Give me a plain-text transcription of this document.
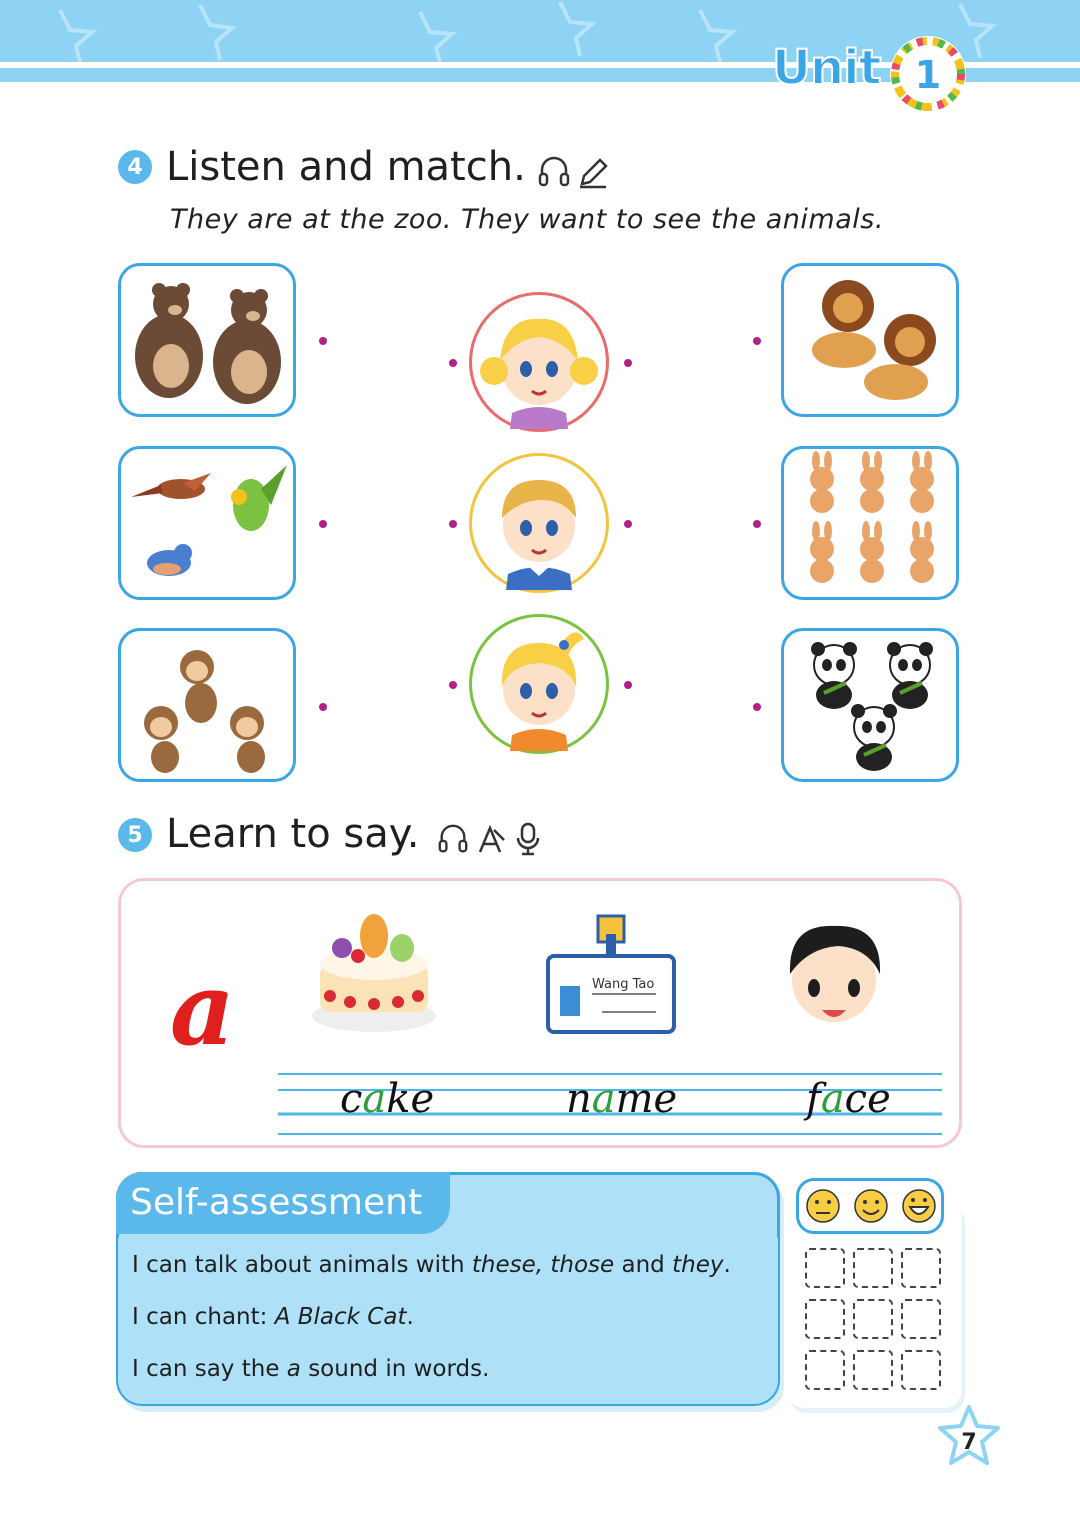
Unit 1
4 Listen and match.
They are at the zoo. They want to see the animals.
5 Learn to say.
a	Wang Tao
cake	name	face
Self-assessment
I can talk about animals with these, those and they.
I can chant: A Black Cat.
I can say the a sound in words.
7
